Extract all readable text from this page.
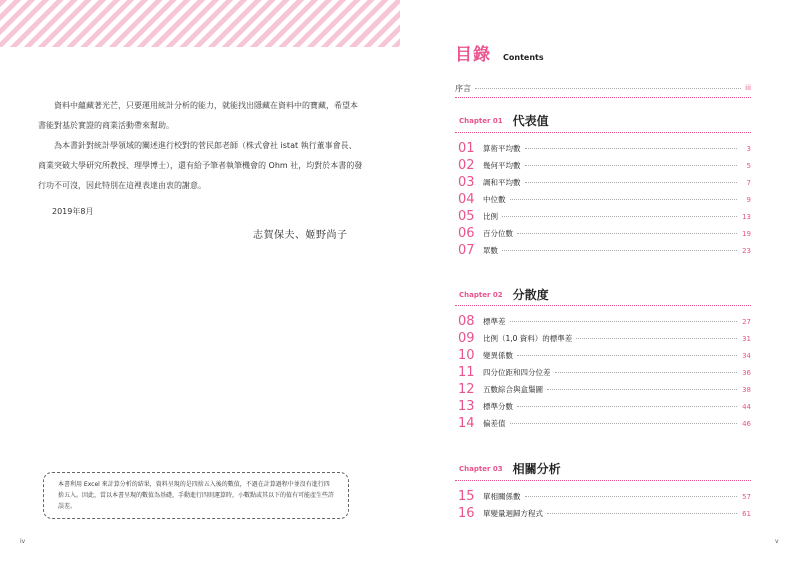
資料中蘊藏著光芒，只要運用統計分析的能力，就能找出隱藏在資料中的寶藏，希望本書能對基於實證的商業活動帶來幫助。

為本書針對統計學領域的闡述進行校對的菅民郎老師（株式會社 istat 執行董事會長、商業突破大學研究所教授、理學博士），還有給予筆者執筆機會的 Ohm 社，均對於本書的發行功不可沒，因此特別在這裡表達由衷的謝意。

2019年8月
志賀保夫、姬野尚子
本書利用 Excel 來計算分析的結果，資料呈現的是四捨五入後的數值，不過在計算過程中並沒有進行四捨五入。因此，當以本書呈現的數值為基礎，手動進行四則運算時，小數點或其以下的值有可能產生些許誤差。
iv
目錄 Contents
序言	iii
Chapter 01 代表值
01	算術平均數	3
02	幾何平均數	5
03	調和平均數	7
04	中位數	9
05	比例	13
06	百分位數	19
07	眾數	23
Chapter 02 分散度
08	標準差	27
09	比例（1,0 資料）的標準差	31
10	變異係數	34
11	四分位距和四分位差	36
12	五數綜合與盒鬚圖	38
13	標準分數	44
14	偏差值	46
Chapter 03 相關分析
15	單相關係數	57
16	單變量迴歸方程式	61
v
